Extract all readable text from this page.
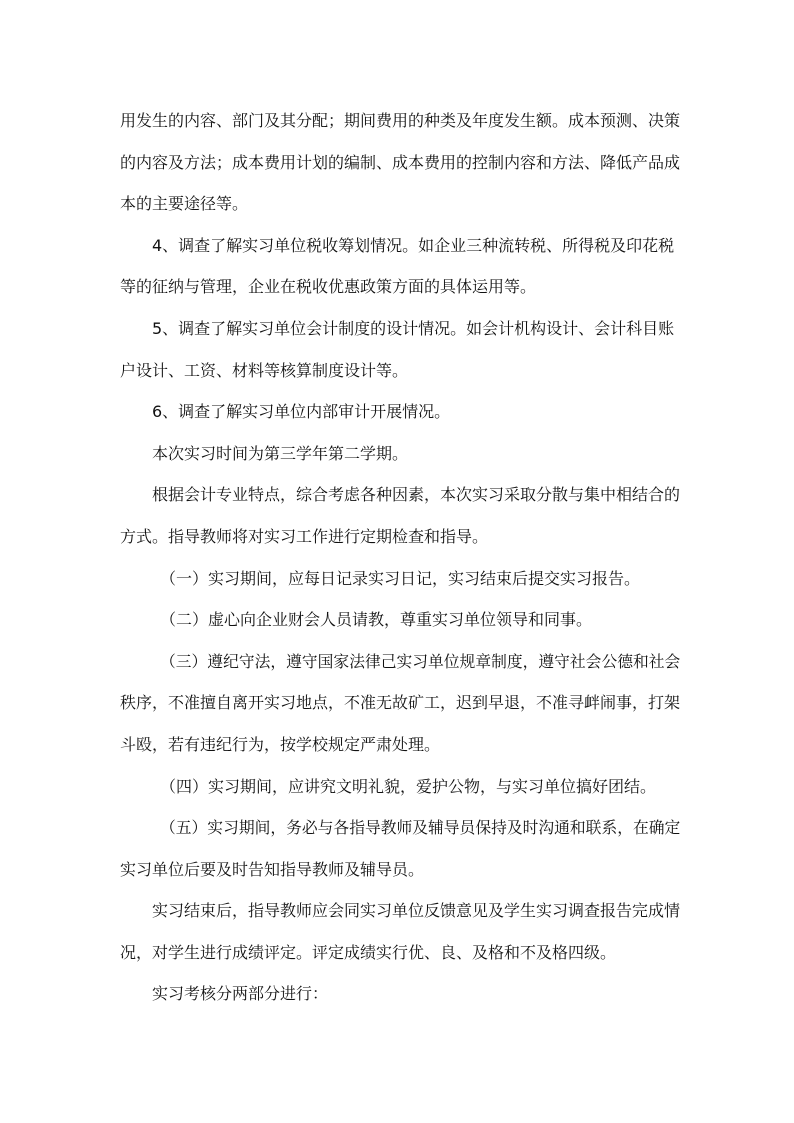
用发生的内容、部门及其分配；期间费用的种类及年度发生额。成本预测、决策
的内容及方法；成本费用计划的编制、成本费用的控制内容和方法、降低产品成
本的主要途径等。
4、调查了解实习单位税收筹划情况。如企业三种流转税、所得税及印花税
等的征纳与管理，企业在税收优惠政策方面的具体运用等。
5、调查了解实习单位会计制度的设计情况。如会计机构设计、会计科目账
户设计、工资、材料等核算制度设计等。
6、调查了解实习单位内部审计开展情况。
本次实习时间为第三学年第二学期。
根据会计专业特点，综合考虑各种因素，本次实习采取分散与集中相结合的
方式。指导教师将对实习工作进行定期检查和指导。
（一）实习期间，应每日记录实习日记，实习结束后提交实习报告。
（二）虚心向企业财会人员请教，尊重实习单位领导和同事。
（三）遵纪守法，遵守国家法律己实习单位规章制度，遵守社会公德和社会
秩序，不准擅自离开实习地点，不准无故矿工，迟到早退，不准寻衅闹事，打架
斗殴，若有违纪行为，按学校规定严肃处理。
（四）实习期间，应讲究文明礼貌，爱护公物，与实习单位搞好团结。
（五）实习期间，务必与各指导教师及辅导员保持及时沟通和联系，在确定
实习单位后要及时告知指导教师及辅导员。
实习结束后，指导教师应会同实习单位反馈意见及学生实习调查报告完成情
况，对学生进行成绩评定。评定成绩实行优、良、及格和不及格四级。
实习考核分两部分进行：
